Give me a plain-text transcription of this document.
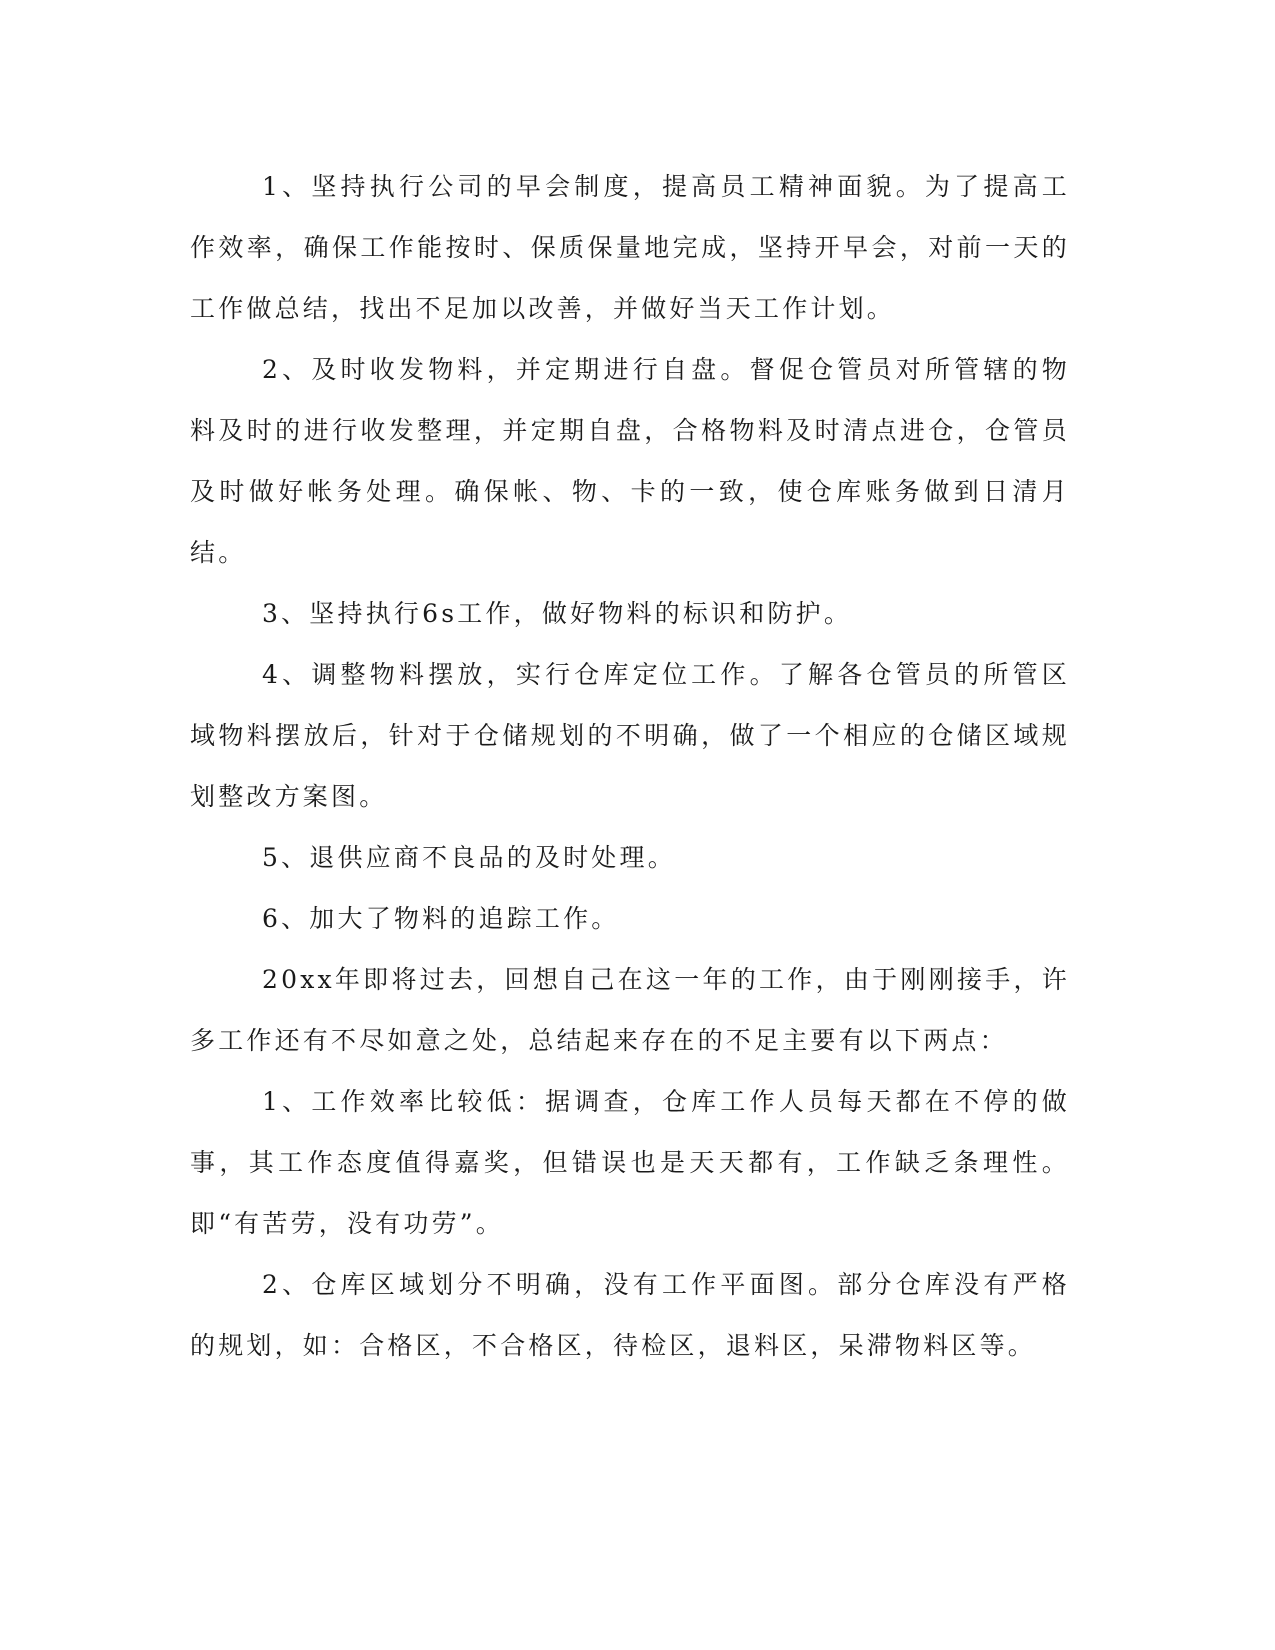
1、坚持执行公司的早会制度，提高员工精神面貌。为了提高工作效率，确保工作能按时、保质保量地完成，坚持开早会，对前一天的工作做总结，找出不足加以改善，并做好当天工作计划。

2、及时收发物料，并定期进行自盘。督促仓管员对所管辖的物料及时的进行收发整理，并定期自盘，合格物料及时清点进仓，仓管员及时做好帐务处理。确保帐、物、卡的一致，使仓库账务做到日清月结。

3、坚持执行6s工作，做好物料的标识和防护。

4、调整物料摆放，实行仓库定位工作。了解各仓管员的所管区域物料摆放后，针对于仓储规划的不明确，做了一个相应的仓储区域规划整改方案图。

5、退供应商不良品的及时处理。

6、加大了物料的追踪工作。

20xx年即将过去，回想自己在这一年的工作，由于刚刚接手，许多工作还有不尽如意之处，总结起来存在的不足主要有以下两点：

1、工作效率比较低：据调查，仓库工作人员每天都在不停的做事，其工作态度值得嘉奖，但错误也是天天都有，工作缺乏条理性。即“有苦劳，没有功劳”。

2、仓库区域划分不明确，没有工作平面图。部分仓库没有严格的规划，如：合格区，不合格区，待检区，退料区，呆滞物料区等。
